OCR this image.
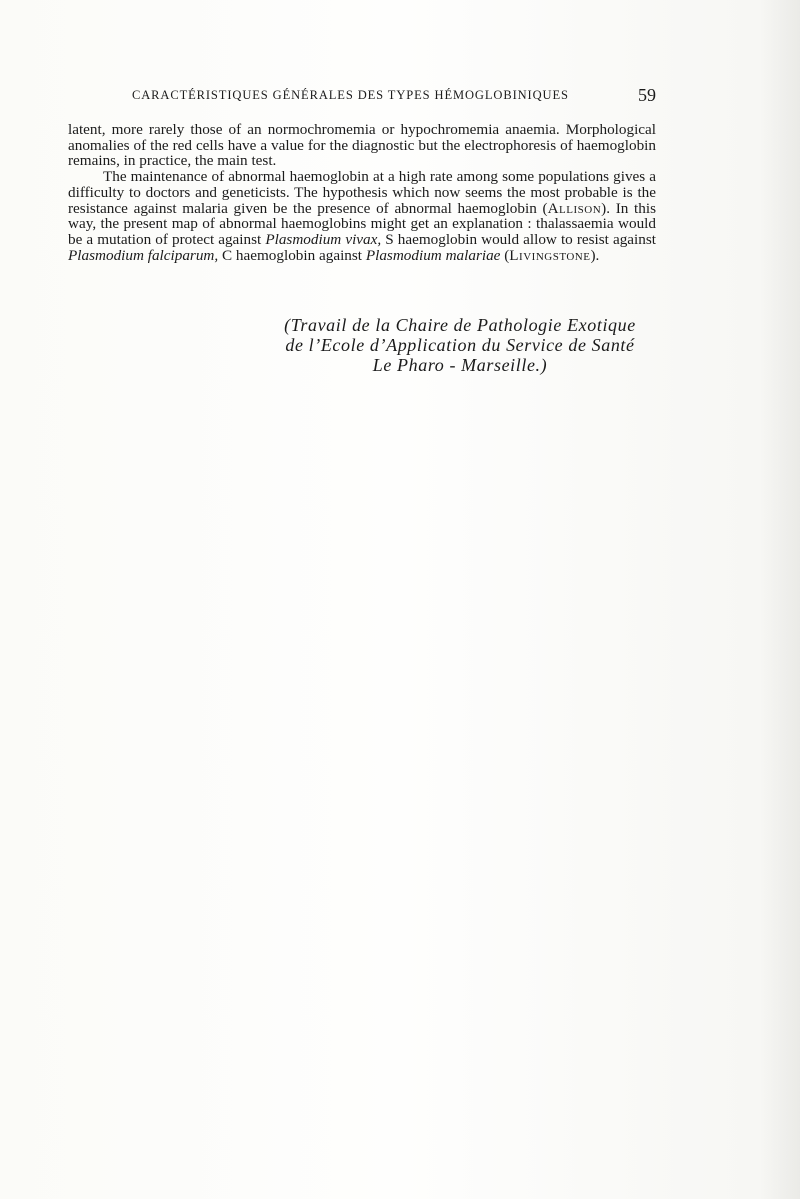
CARACTÉRISTIQUES GÉNÉRALES DES TYPES HÉMOGLOBINIQUES	59

latent, more rarely those of an normochromemia or hypochromemia anaemia. Morphological anomalies of the red cells have a value for the diagnostic but the electrophoresis of haemoglobin remains, in practice, the main test.

The maintenance of abnormal haemoglobin at a high rate among some populations gives a difficulty to doctors and geneticists. The hypothesis which now seems the most probable is the resistance against malaria given be the presence of abnormal haemoglobin (Allison). In this way, the present map of abnormal haemoglobins might get an explanation : thalassaemia would be a mutation of protect against Plasmodium vivax, S haemoglobin would allow to resist against Plasmodium falciparum, C haemoglobin against Plasmodium malariae (Livingstone).

(Travail de la Chaire de Pathologie Exotique
de l’Ecole d’Application du Service de Santé
Le Pharo - Marseille.)
